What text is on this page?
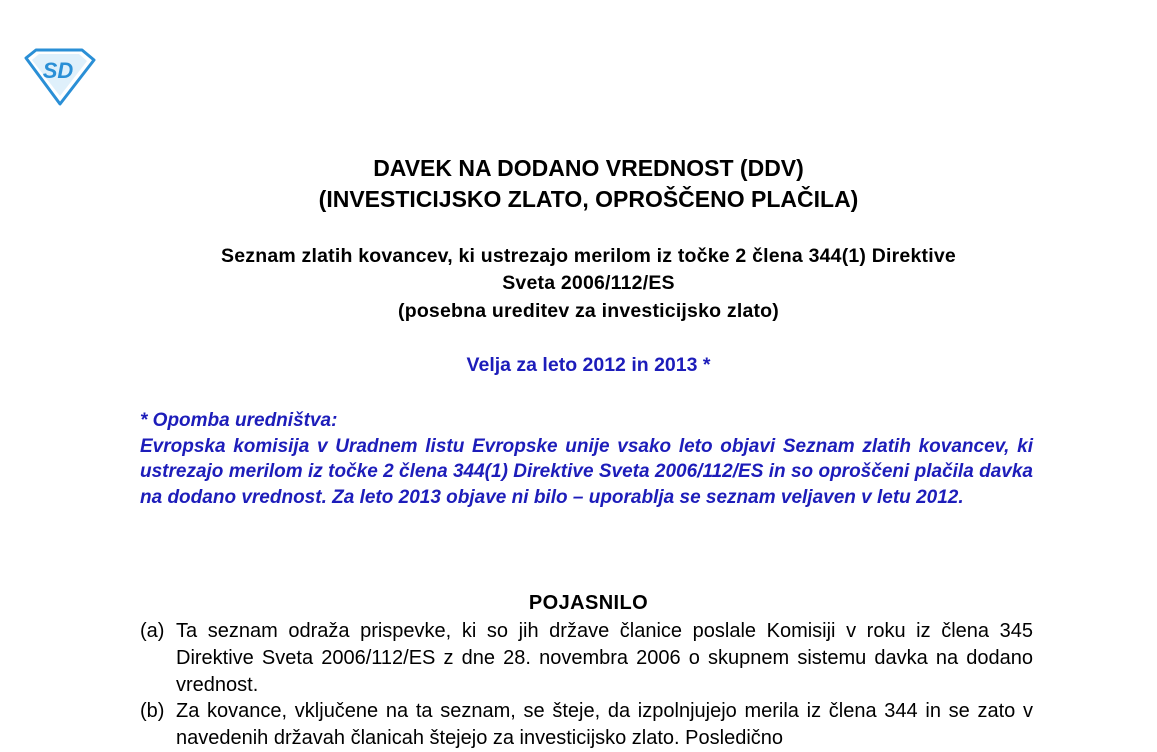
SD
DAVEK NA DODANO VREDNOST (DDV)
(INVESTICIJSKO ZLATO, OPROŠČENO PLAČILA)
Seznam zlatih kovancev, ki ustrezajo merilom iz točke 2 člena 344(1) Direktive
Sveta 2006/112/ES
(posebna ureditev za investicijsko zlato)
Velja za leto 2012 in 2013 *
* Opomba uredništva:
Evropska komisija v Uradnem listu Evropske unije vsako leto objavi Seznam zlatih kovancev, ki ustrezajo merilom iz točke 2 člena 344(1) Direktive Sveta 2006/112/ES in so oproščeni plačila davka na dodano vrednost. Za leto 2013 objave ni bilo – uporablja se seznam veljaven v letu 2012.
POJASNILO
(a) Ta seznam odraža prispevke, ki so jih države članice poslale Komisiji v roku iz člena 345 Direktive Sveta 2006/112/ES z dne 28. novembra 2006 o skupnem sistemu davka na dodano vrednost.
(b) Za kovance, vključene na ta seznam, se šteje, da izpolnjujejo merila iz člena 344 in se zato v navedenih državah članicah štejejo za investicijsko zlato. Posledično
